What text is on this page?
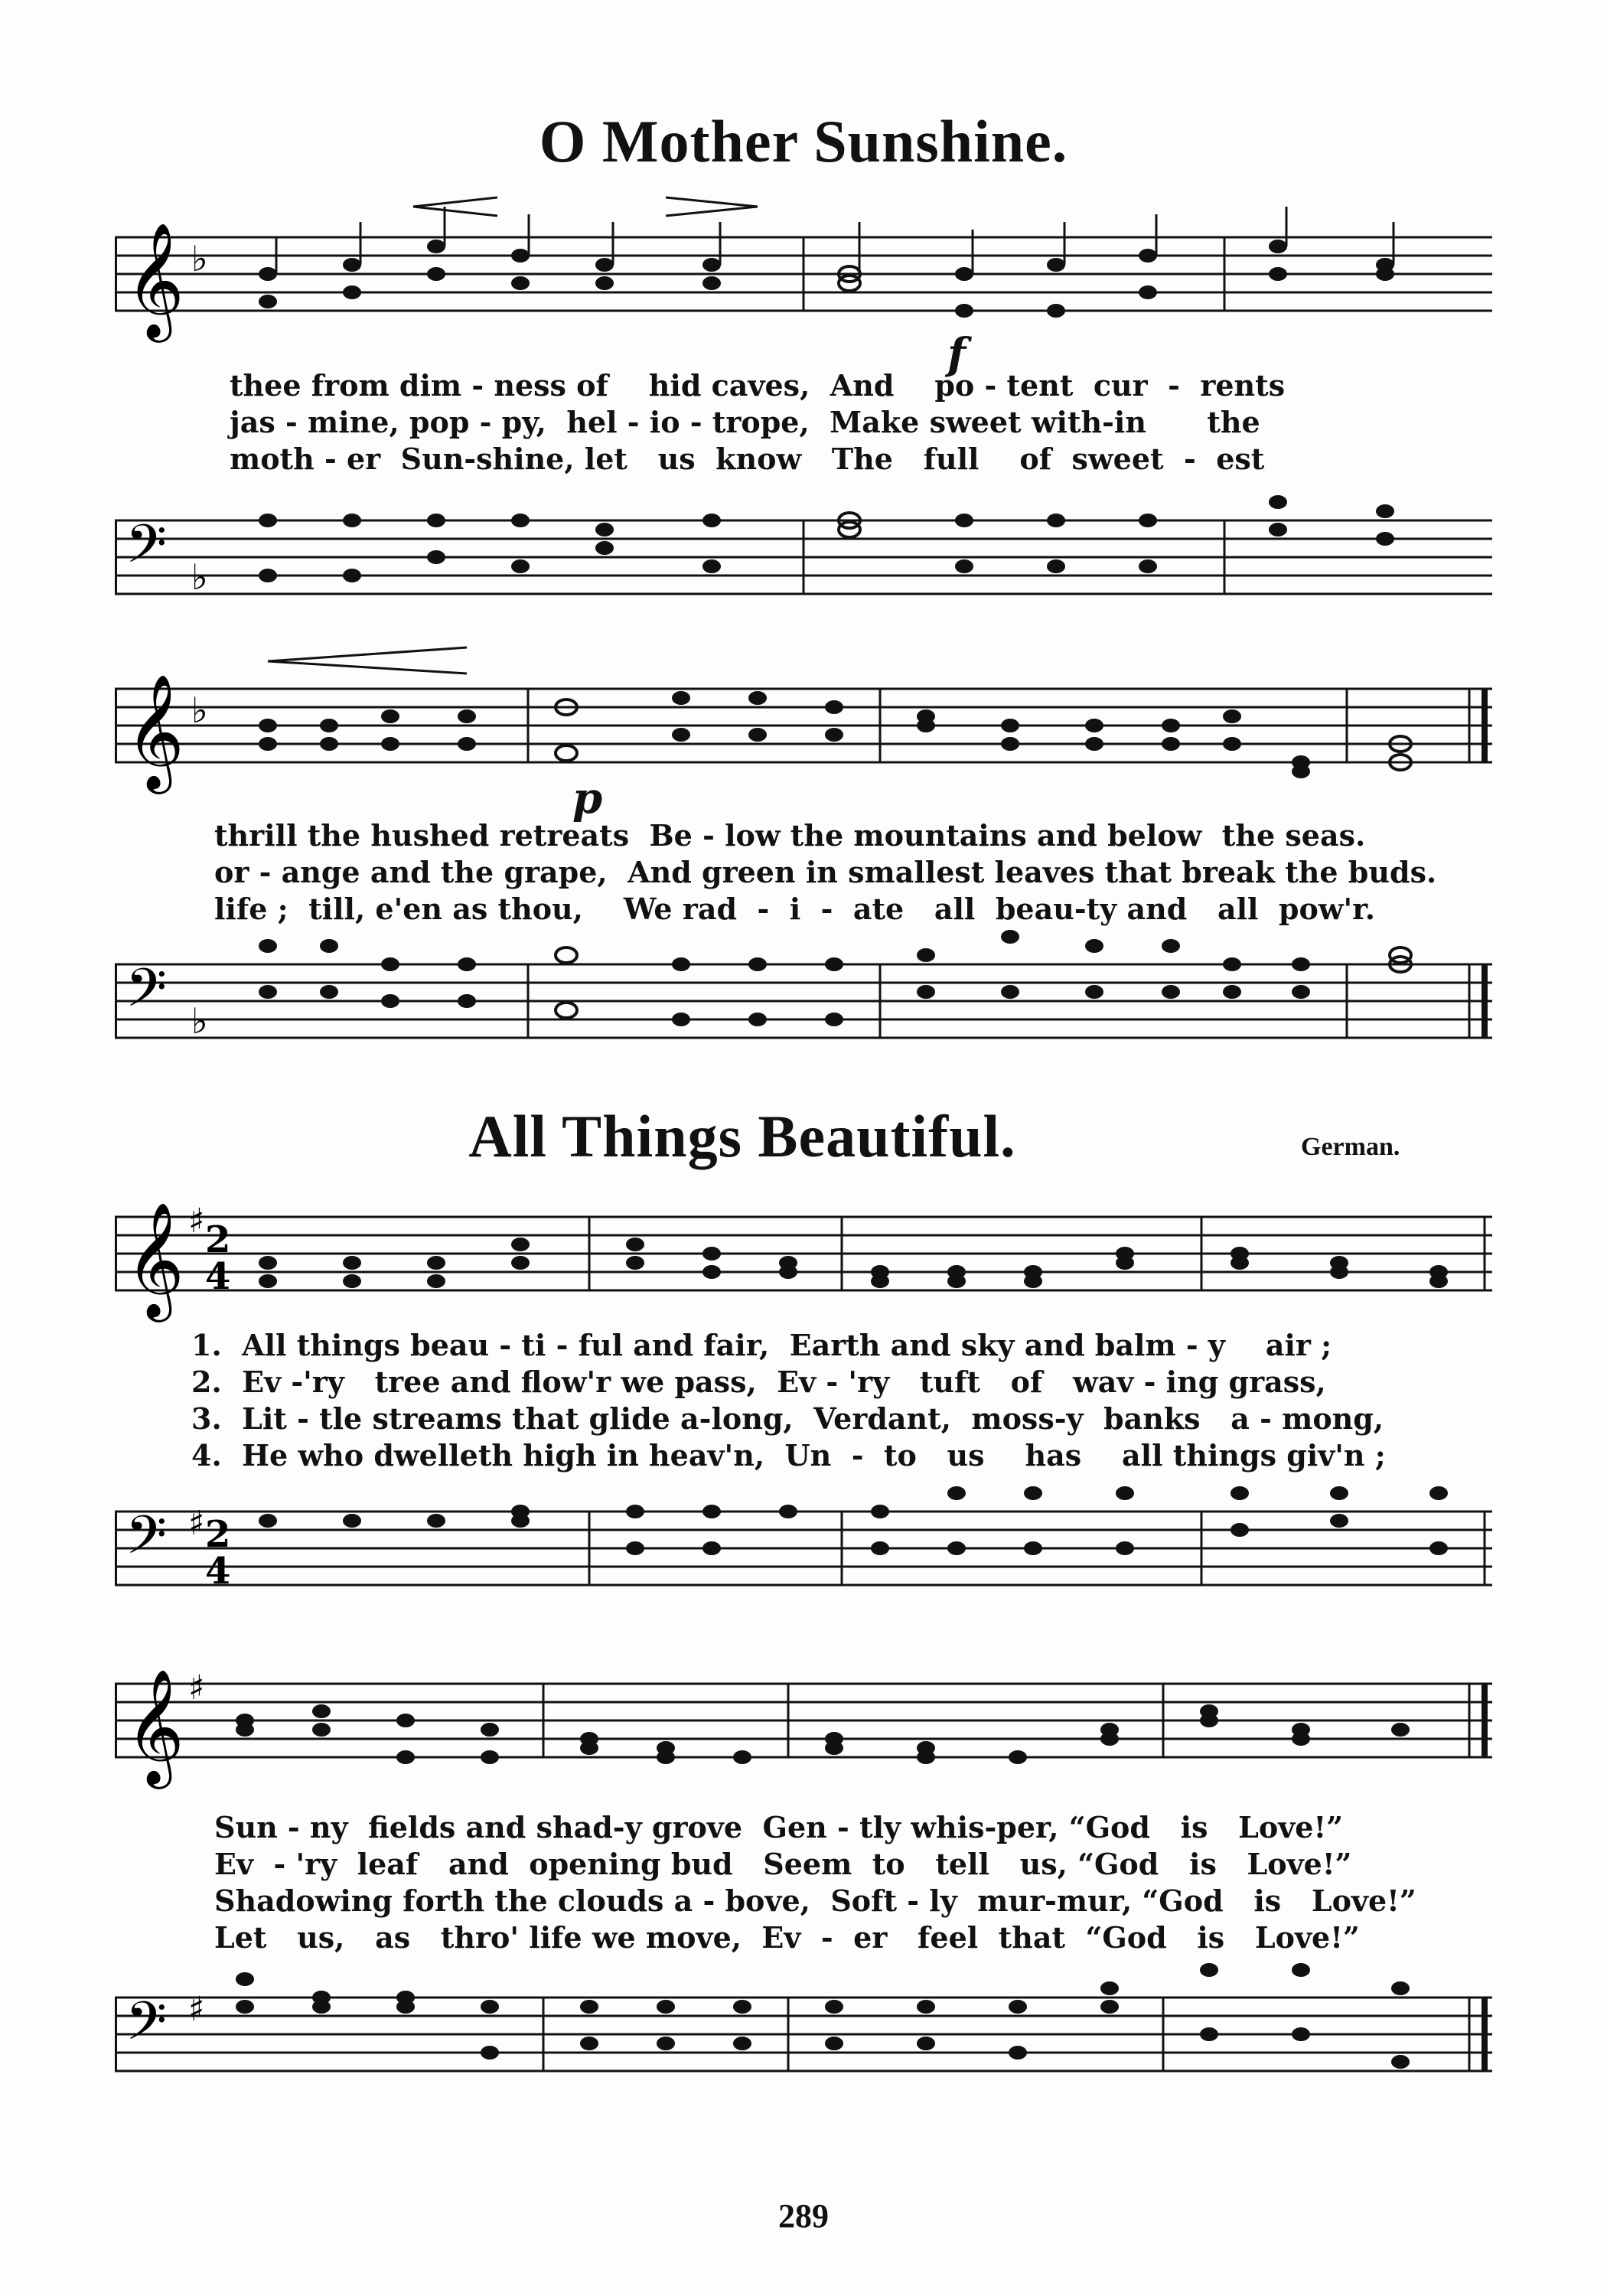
O Mother Sunshine.
𝄞 ♭
f
thee from dim - ness of    hid caves,  And    po - tent  cur  -  rents
jas - mine, pop - py,  hel - io - trope,  Make sweet with-in      the
moth - er  Sun-shine, let   us  know   The   full    of  sweet  -  est
𝄢 ♭
𝄞 ♭
p
thrill the hushed retreats  Be - low the mountains and below  the seas.
or - ange and the grape,  And green in smallest leaves that break the buds.
life ;  till, e'en as thou,    We rad  -  i  -  ate   all  beau-ty and   all  pow'r.
𝄢 ♭
All Things Beautiful.	German.
𝄞 ♯ 2
4
1.  All things beau - ti - ful and fair,  Earth and sky and balm - y    air ;
2.  Ev -'ry   tree and flow'r we pass,  Ev - 'ry   tuft   of   wav - ing grass,
3.  Lit - tle streams that glide a-long,  Verdant,  moss-y  banks   a - mong,
4.  He who dwelleth high in heav'n,  Un  -  to   us    has    all things giv'n ;
𝄢 ♯ 2
4
𝄞 ♯
Sun - ny  fields and shad-y grove  Gen - tly whis-per, “God   is   Love!”
Ev  - 'ry  leaf   and  opening bud   Seem  to   tell   us, “God   is   Love!”
Shadowing forth the clouds a - bove,  Soft - ly  mur-mur, “God   is   Love!”
Let   us,   as   thro' life we move,  Ev  -  er   feel  that  “God   is   Love!”
𝄢 ♯
289
